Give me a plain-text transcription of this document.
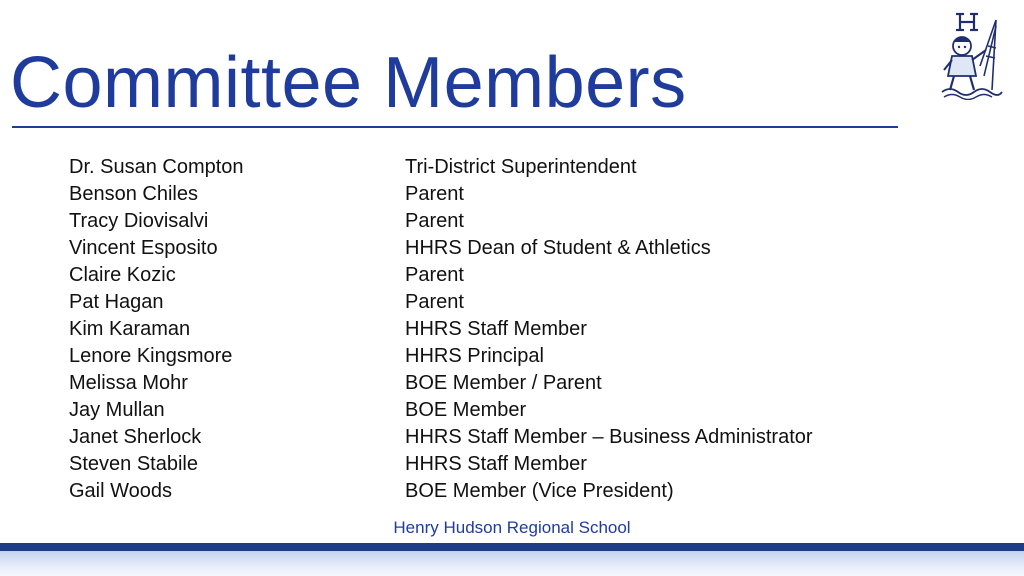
Committee Members
Dr. Susan Compton	Tri-District Superintendent
Benson Chiles	Parent
Tracy Diovisalvi	Parent
Vincent Esposito	HHRS Dean of Student & Athletics
Claire Kozic	Parent
Pat Hagan	Parent
Kim Karaman	HHRS Staff Member
Lenore Kingsmore	HHRS Principal
Melissa Mohr	BOE Member / Parent
Jay Mullan	BOE Member
Janet Sherlock	HHRS Staff Member – Business Administrator
Steven Stabile	HHRS Staff Member
Gail Woods	BOE Member (Vice President)
Henry Hudson Regional School
